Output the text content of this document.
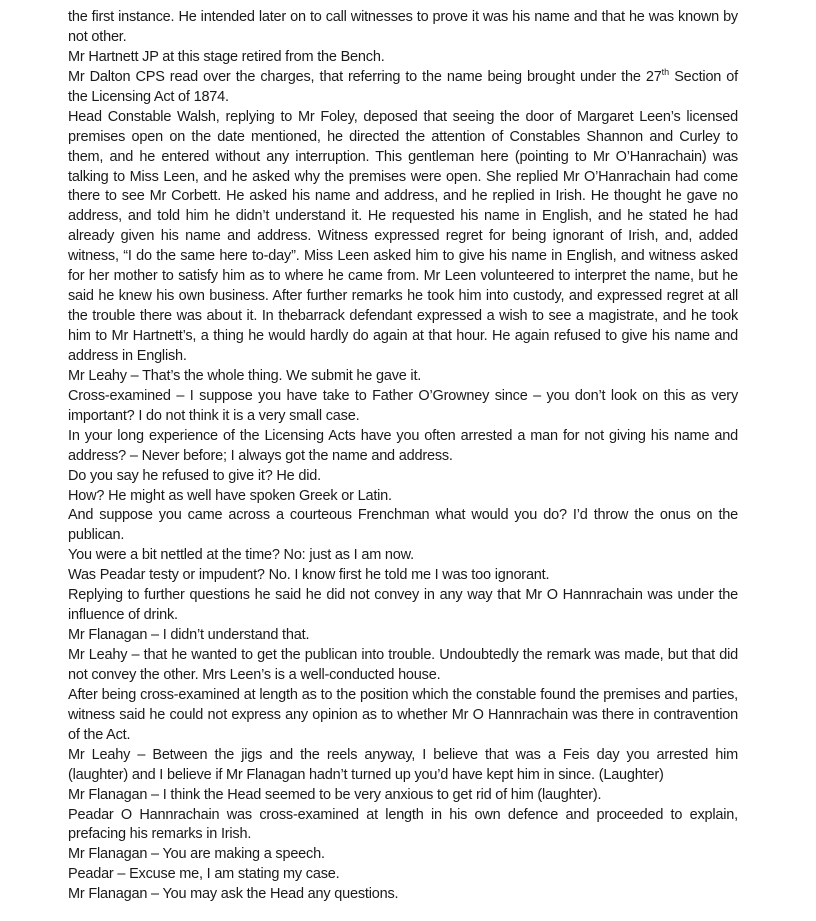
the first instance. He intended later on to call witnesses to prove it was his name and that he was known by not other.

Mr Hartnett JP at this stage retired from the Bench.

Mr Dalton CPS read over the charges, that referring to the name being brought under the 27th Section of the Licensing Act of 1874.

Head Constable Walsh, replying to Mr Foley, deposed that seeing the door of Margaret Leen’s licensed premises open on the date mentioned, he directed the attention of Constables Shannon and Curley to them, and he entered without any interruption. This gentleman here (pointing to Mr O’Hanrachain) was talking to Miss Leen, and he asked why the premises were open. She replied Mr O’Hanrachain had come there to see Mr Corbett. He asked his name and address, and he replied in Irish. He thought he gave no address, and told him he didn’t understand it. He requested his name in English, and he stated he had already given his name and address. Witness expressed regret for being ignorant of Irish, and, added witness, “I do the same here to-day”. Miss Leen asked him to give his name in English, and witness asked for her mother to satisfy him as to where he came from. Mr Leen volunteered to interpret the name, but he said he knew his own business. After further remarks he took him into custody, and expressed regret at all the trouble there was about it. In thebarrack defendant expressed a wish to see a magistrate, and he took him to Mr Hartnett’s, a thing he would hardly do again at that hour. He again refused to give his name and address in English.

Mr Leahy – That’s the whole thing. We submit he gave it.

Cross-examined – I suppose you have take to Father O’Growney since – you don’t look on this as very important? I do not think it is a very small case.

In your long experience of the Licensing Acts have you often arrested a man for not giving his name and address? – Never before; I always got the name and address.

Do you say he refused to give it? He did.

How? He might as well have spoken Greek or Latin.

And suppose you came across a courteous Frenchman what would you do? I’d throw the onus on the publican.

You were a bit nettled at the time? No: just as I am now.

Was Peadar testy or impudent? No. I know first he told me I was too ignorant.

Replying to further questions he said he did not convey in any way that Mr O Hannrachain was under the influence of drink.

Mr Flanagan – I didn’t understand that.

Mr Leahy – that he wanted to get the publican into trouble. Undoubtedly the remark was made, but that did not convey the other. Mrs Leen’s is a well-conducted house.

After being cross-examined at length as to the position which the constable found the premises and parties, witness said he could not express any opinion as to whether Mr O Hannrachain was there in contravention of the Act.

Mr Leahy – Between the jigs and the reels anyway, I believe that was a Feis day you arrested him (laughter) and I believe if Mr Flanagan hadn’t turned up you’d have kept him in since. (Laughter)

Mr Flanagan – I think the Head seemed to be very anxious to get rid of him (laughter).

Peadar O Hannrachain was cross-examined at length in his own defence and proceeded to explain, prefacing his remarks in Irish.

Mr Flanagan – You are making a speech.

Peadar – Excuse me, I am stating my case.

Mr Flanagan – You may ask the Head any questions.
